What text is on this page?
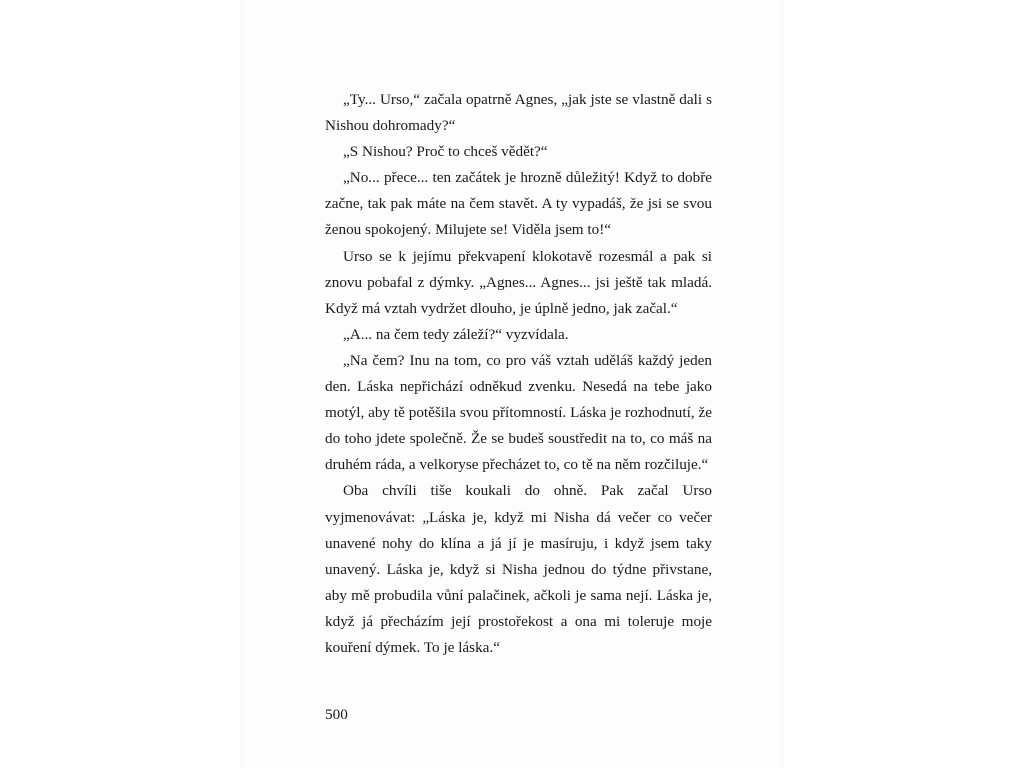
„Ty... Urso,“ začala opatrně Agnes, „jak jste se vlastně dali s Nishou dohromady?“

„S Nishou? Proč to chceš vědět?“

„No... přece... ten začátek je hrozně důležitý! Když to dobře začne, tak pak máte na čem stavět. A ty vypadáš, že jsi se svou ženou spokojený. Milujete se! Viděla jsem to!“

Urso se k jejímu překvapení klokotavě rozesmál a pak si znovu pobafal z dýmky. „Agnes... Agnes... jsi ještě tak mladá. Když má vztah vydržet dlouho, je úplně jedno, jak začal.“

„A... na čem tedy záleží?“ vyzvídala.

„Na čem? Inu na tom, co pro váš vztah uděláš každý jeden den. Láska nepřichází odněkud zvenku. Nesedá na tebe jako motýl, aby tě potěšila svou přítomností. Láska je rozhodnutí, že do toho jdete společně. Že se budeš soustředit na to, co máš na druhém ráda, a velkoryse přecházet to, co tě na něm rozčiluje.“

Oba chvíli tiše koukali do ohně. Pak začal Urso vyjmenovávat: „Láska je, když mi Nisha dá večer co večer unavené nohy do klína a já jí je masíruju, i když jsem taky unavený. Láska je, když si Nisha jednou do týdne přivstane, aby mě probudila vůní palačinek, ačkoli je sama nejí. Láska je, když já přecházím její prostořekost a ona mi toleruje moje kouření dýmek. To je láska.“

500
